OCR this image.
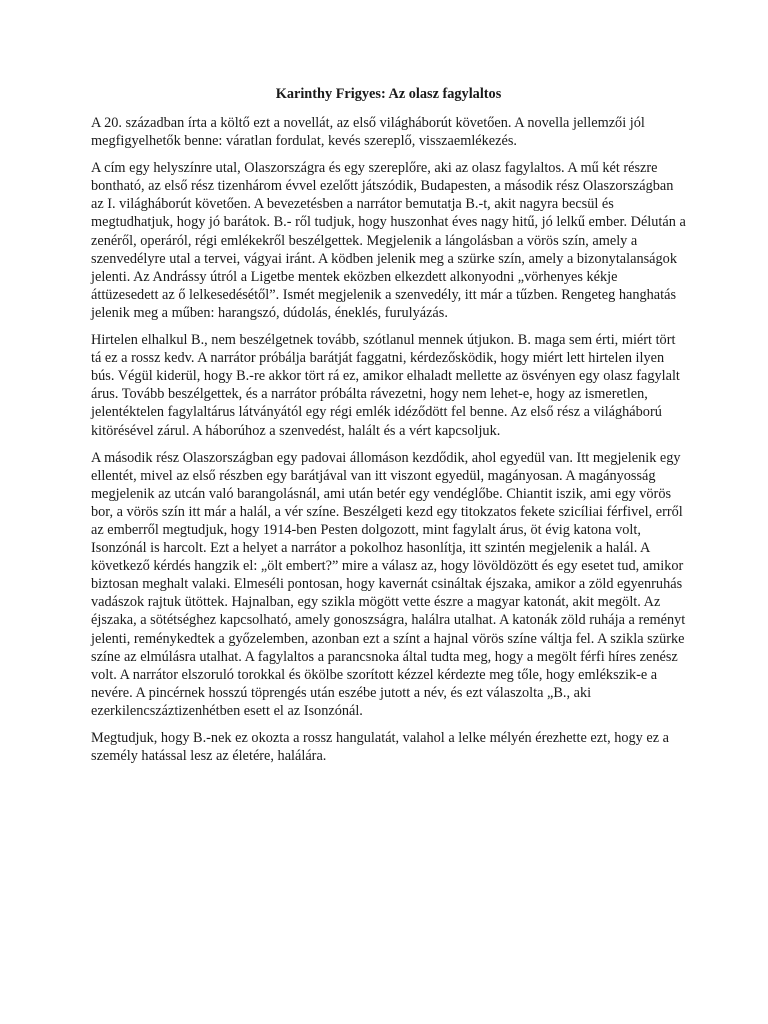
Karinthy Frigyes: Az olasz fagylaltos

A 20. században írta a költő ezt a novellát, az első világháborút követően. A novella jellemzői jól megfigyelhetők benne: váratlan fordulat, kevés szereplő, visszaemlékezés.

A cím egy helyszínre utal, Olaszországra és egy szereplőre, aki az olasz fagylaltos. A mű két részre bontható, az első rész tizenhárom évvel ezelőtt játszódik, Budapesten, a második rész Olaszországban az I. világháborút követően. A bevezetésben a narrátor bemutatja B.-t, akit nagyra becsül és megtudhatjuk, hogy jó barátok. B.- ről tudjuk, hogy huszonhat éves nagy hitű, jó lelkű ember. Délután a zenéről, operáról, régi emlékekről beszélgettek. Megjelenik a lángolásban a vörös szín, amely a szenvedélyre utal a tervei, vágyai iránt. A ködben jelenik meg a szürke szín, amely a bizonytalanságok jelenti. Az Andrássy útról a Ligetbe mentek eközben elkezdett alkonyodni „vörhenyes kékje áttüzesedett az ő lelkesedésétől”. Ismét megjelenik a szenvedély, itt már a tűzben. Rengeteg hanghatás jelenik meg a műben: harangszó, dúdolás, éneklés, furulyázás.

Hirtelen elhalkul B., nem beszélgetnek tovább, szótlanul mennek útjukon. B. maga sem érti, miért tört tá ez a rossz kedv. A narrátor próbálja barátját faggatni, kérdezősködik, hogy miért lett hirtelen ilyen bús. Végül kiderül, hogy B.-re akkor tört rá ez, amikor elhaladt mellette az ösvényen egy olasz fagylalt árus. Tovább beszélgettek, és a narrátor próbálta rávezetni, hogy nem lehet-e, hogy az ismeretlen, jelentéktelen fagylaltárus látványától egy régi emlék idéződött fel benne. Az első rész a világháború kitörésével zárul. A háborúhoz a szenvedést, halált és a vért kapcsoljuk.

A második rész Olaszországban egy padovai állomáson kezdődik, ahol egyedül van. Itt megjelenik egy ellentét, mivel az első részben egy barátjával van itt viszont egyedül, magányosan. A magányosság megjelenik az utcán való barangolásnál, ami után betér egy vendéglőbe. Chiantit iszik, ami egy vörös bor, a vörös szín itt már a halál, a vér színe. Beszélgeti kezd egy titokzatos fekete szicíliai férfivel, erről az emberről megtudjuk, hogy 1914-ben Pesten dolgozott, mint fagylalt árus, öt évig katona volt, Isonzónál is harcolt. Ezt a helyet a narrátor a pokolhoz hasonlítja, itt szintén megjelenik a halál. A következő kérdés hangzik el: „ölt embert?” mire a válasz az, hogy lövöldözött és egy esetet tud, amikor biztosan meghalt valaki. Elmeséli pontosan, hogy kavernát csináltak éjszaka, amikor a zöld egyenruhás vadászok rajtuk ütöttek. Hajnalban, egy szikla mögött vette észre a magyar katonát, akit megölt. Az éjszaka, a sötétséghez kapcsolható, amely gonoszságra, halálra utalhat. A katonák zöld ruhája a reményt jelenti, reménykedtek a győzelemben, azonban ezt a színt a hajnal vörös színe váltja fel. A szikla szürke színe az elmúlásra utalhat. A fagylaltos a parancsnoka által tudta meg, hogy a megölt férfi híres zenész volt. A narrátor elszoruló torokkal és ökölbe szorított kézzel kérdezte meg tőle, hogy emlékszik-e a nevére. A pincérnek hosszú töprengés után eszébe jutott a név, és ezt válaszolta „B., aki ezerkilencszáztizenhétben esett el az Isonzónál.

Megtudjuk, hogy B.-nek ez okozta a rossz hangulatát, valahol a lelke mélyén érezhette ezt, hogy ez a személy hatással lesz az életére, halálára.
